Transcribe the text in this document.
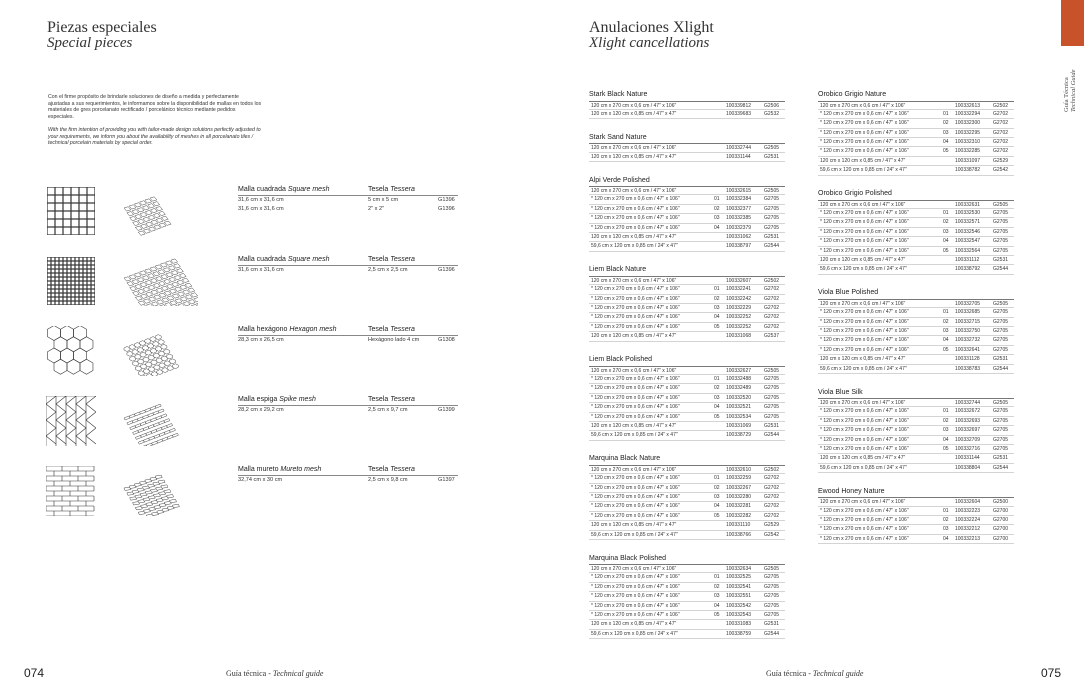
Piezas especiales
Special pieces
Con el firme propósito de brindarle soluciones de diseño a medida y perfectamente ajustadas a sus requerimientos, le informamos sobre la disponibilidad de mallas en todos los materiales de gres porcelanato rectificado / porcelánico técnico mediante pedidos especiales.
With the firm intention of providing you with tailor-made design solutions perfectly adjusted to your requirements, we inform you about the availability of meshes in all porcelanato tiles / technical porcelain materials by special order.
Malla cuadrada Square mesh	Tesela Tessera
31,6 cm x 31,6 cm	5 cm x 5 cm	G1396
31,6 cm x 31,6 cm	2" x 2"	G1396
Malla cuadrada Square mesh	Tesela Tessera
31,6 cm x 31,6 cm	2,5 cm x 2,5 cm	G1396
Malla hexágono Hexagon mesh	Tesela Tessera
28,3 cm x 26,5 cm	Hexágono lado 4 cm	G1308
Malla espiga Spike mesh	Tesela Tessera
28,2 cm x 29,2 cm	2,5 cm x 9,7 cm	G1399
Malla mureto Mureto mesh	Tesela Tessera
32,74 cm x 30 cm	2,5 cm x 9,8 cm	G1397
074	Guía técnica - Technical guide
Anulaciones Xlight
Xlight cancellations
Stark Black Nature
120 cm x 270 cm x 0,6 cm / 47" x 106"	100339812	G2506
120 cm x 120 cm x 0,85 cm / 47" x 47"	100339683	G2532
Stark Sand Nature
120 cm x 270 cm x 0,6 cm / 47" x 106"	100332744	G2505
120 cm x 120 cm x 0,85 cm / 47" x 47"	100331144	G2531
Alpi Verde Polished
120 cm x 270 cm x 0,6 cm / 47" x 106"	100332615	G2505
* 120 cm x 270 cm x 0,6 cm / 47" x 106"	01 100332384	G2705
* 120 cm x 270 cm x 0,6 cm / 47" x 106"	02 100332377	G2705
* 120 cm x 270 cm x 0,6 cm / 47" x 106"	03 100332385	G2705
* 120 cm x 270 cm x 0,6 cm / 47" x 106"	04 100332379	G2705
120 cm x 120 cm x 0,85 cm / 47" x 47"	100331062	G2531
59,6 cm x 120 cm x 0,85 cm / 24" x 47"	100338797	G2544
Liem Black Nature
120 cm x 270 cm x 0,6 cm / 47" x 106"	100332607	G2502
* 120 cm x 270 cm x 0,6 cm / 47" x 106"	01 100332241	G2702
* 120 cm x 270 cm x 0,6 cm / 47" x 106"	02 100332242	G2702
* 120 cm x 270 cm x 0,6 cm / 47" x 106"	03 100332229	G2702
* 120 cm x 270 cm x 0,6 cm / 47" x 106"	04 100332252	G2702
* 120 cm x 270 cm x 0,6 cm / 47" x 106"	05 100332252	G2702
120 cm x 120 cm x 0,85 cm / 47" x 47"	100331068	G2537
Liem Black Polished
120 cm x 270 cm x 0,6 cm / 47" x 106"	100332627	G2505
* 120 cm x 270 cm x 0,6 cm / 47" x 106"	01 100332488	G2705
* 120 cm x 270 cm x 0,6 cm / 47" x 106"	02 100332489	G2705
* 120 cm x 270 cm x 0,6 cm / 47" x 106"	03 100332520	G2705
* 120 cm x 270 cm x 0,6 cm / 47" x 106"	04 100332521	G2705
* 120 cm x 270 cm x 0,6 cm / 47" x 106"	05 100332534	G2705
120 cm x 120 cm x 0,85 cm / 47" x 47"	100331069	G2531
59,6 cm x 120 cm x 0,85 cm / 24" x 47"	100338729	G2544
Marquina Black Nature
120 cm x 270 cm x 0,6 cm / 47" x 106"	100332610	G2502
* 120 cm x 270 cm x 0,6 cm / 47" x 106"	01 100332259	G2702
* 120 cm x 270 cm x 0,6 cm / 47" x 106"	02 100332267	G2702
* 120 cm x 270 cm x 0,6 cm / 47" x 106"	03 100332280	G2702
* 120 cm x 270 cm x 0,6 cm / 47" x 106"	04 100332281	G2702
* 120 cm x 270 cm x 0,6 cm / 47" x 106"	05 100332282	G2702
120 cm x 120 cm x 0,85 cm / 47" x 47"	100331110	G2529
59,6 cm x 120 cm x 0,85 cm / 24" x 47"	100338766	G2542
Marquina Black Polished
120 cm x 270 cm x 0,6 cm / 47" x 106"	100332634	G2505
* 120 cm x 270 cm x 0,6 cm / 47" x 106"	01 100332525	G2705
* 120 cm x 270 cm x 0,6 cm / 47" x 106"	02 100332541	G2705
* 120 cm x 270 cm x 0,6 cm / 47" x 106"	03 100332551	G2705
* 120 cm x 270 cm x 0,6 cm / 47" x 106"	04 100332542	G2705
* 120 cm x 270 cm x 0,6 cm / 47" x 106"	05 100332543	G2705
120 cm x 120 cm x 0,85 cm / 47" x 47"	100331083	G2531
59,6 cm x 120 cm x 0,85 cm / 24" x 47"	100338759	G2544
Orobico Grigio Nature
120 cm x 270 cm x 0,6 cm / 47" x 106"	100332613	G2502
* 120 cm x 270 cm x 0,6 cm / 47" x 106"	01 100332294	G2702
* 120 cm x 270 cm x 0,6 cm / 47" x 106"	02 100332300	G2702
* 120 cm x 270 cm x 0,6 cm / 47" x 106"	03 100332295	G2702
* 120 cm x 270 cm x 0,6 cm / 47" x 106"	04 100332310	G2702
* 120 cm x 270 cm x 0,6 cm / 47" x 106"	05 100332285	G2702
120 cm x 120 cm x 0,85 cm / 47" x 47"	100331097	G2529
59,6 cm x 120 cm x 0,85 cm / 24" x 47"	100338782	G2542
Orobico Grigio Polished
120 cm x 270 cm x 0,6 cm / 47" x 106"	100332631	G2505
* 120 cm x 270 cm x 0,6 cm / 47" x 106"	01 100332530	G2705
* 120 cm x 270 cm x 0,6 cm / 47" x 106"	02 100332571	G2705
* 120 cm x 270 cm x 0,6 cm / 47" x 106"	03 100332546	G2705
* 120 cm x 270 cm x 0,6 cm / 47" x 106"	04 100332547	G2705
* 120 cm x 270 cm x 0,6 cm / 47" x 106"	05 100332564	G2705
120 cm x 120 cm x 0,85 cm / 47" x 47"	100331112	G2531
59,6 cm x 120 cm x 0,85 cm / 24" x 47"	100338792	G2544
Viola Blue Polished
120 cm x 270 cm x 0,6 cm / 47" x 106"	100332705	G2505
* 120 cm x 270 cm x 0,6 cm / 47" x 106"	01 100332685	G2705
* 120 cm x 270 cm x 0,6 cm / 47" x 106"	02 100332715	G2705
* 120 cm x 270 cm x 0,6 cm / 47" x 106"	03 100332750	G2705
* 120 cm x 270 cm x 0,6 cm / 47" x 106"	04 100332732	G2705
* 120 cm x 270 cm x 0,6 cm / 47" x 106"	05 100332641	G2705
120 cm x 120 cm x 0,85 cm / 47" x 47"	100331128	G2531
59,6 cm x 120 cm x 0,85 cm / 24" x 47"	100338783	G2544
Viola Blue Silk
120 cm x 270 cm x 0,6 cm / 47" x 106"	100332744	G2505
* 120 cm x 270 cm x 0,6 cm / 47" x 106"	01 100332672	G2705
* 120 cm x 270 cm x 0,6 cm / 47" x 106"	02 100332693	G2705
* 120 cm x 270 cm x 0,6 cm / 47" x 106"	03 100332697	G2705
* 120 cm x 270 cm x 0,6 cm / 47" x 106"	04 100332709	G2705
* 120 cm x 270 cm x 0,6 cm / 47" x 106"	05 100332716	G2705
120 cm x 120 cm x 0,85 cm / 47" x 47"	100331144	G2531
59,6 cm x 120 cm x 0,85 cm / 24" x 47"	100338804	G2544
Ewood Honey Nature
120 cm x 270 cm x 0,6 cm / 47" x 106"	100332604	G2500
* 120 cm x 270 cm x 0,6 cm / 47" x 106"	01 100332223	G2700
* 120 cm x 270 cm x 0,6 cm / 47" x 106"	02 100332224	G2700
* 120 cm x 270 cm x 0,6 cm / 47" x 106"	03 100332212	G2700
* 120 cm x 270 cm x 0,6 cm / 47" x 106"	04 100332213	G2700
Guía técnica - Technical guide	075
Guía Técnica Technical Guide
